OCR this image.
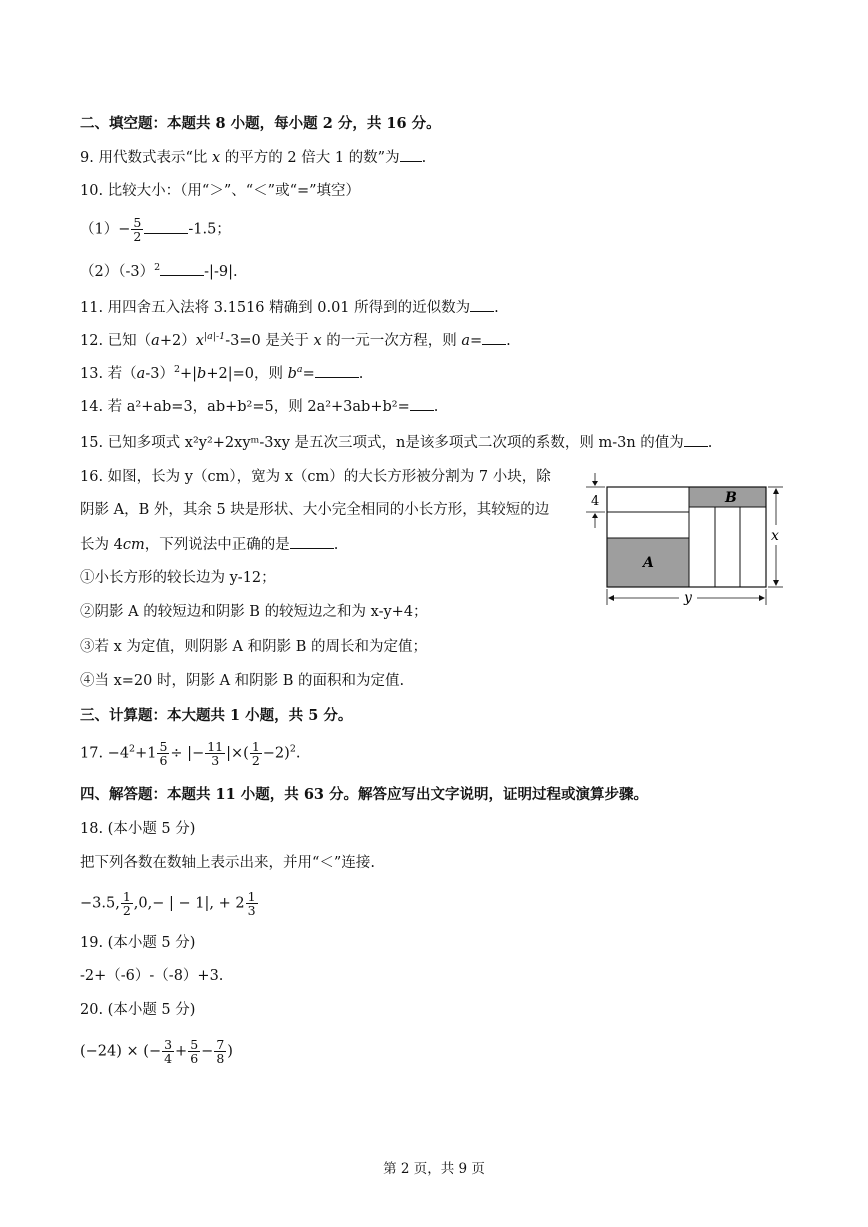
二、填空题：本题共 8 小题，每小题 2 分，共 16 分。
9. 用代数式表示“比 x 的平方的 2 倍大 1 的数”为 .
10. 比较大小：（用“＞”、“＜”或“=”填空）
$(1)- \frac{5}{2}$	-1.5；
$(2)(-3)^2$	-|-9|.
11. 用四舍五入法将 3.1516 精确到 0.01 所得到的近似数为 .
12. 已知$(a+2)x^{|a|-1}-3=0$ 是关于 x 的一元一次方程，则 a= .
13. 若$(a-3)^2+|b+2|=0$，则 $b^a=$	.
14. 若 a²+ab=3，ab+b²=5，则 2a²+3ab+b²= .
15. 已知多项式 x²y²+2xyᵐ-3xy 是五次三项式，n是该多项式二次项的系数，则 m-3n 的值为 .
16. 如图，长为 y（cm），宽为 x（cm）的大长方形被分割为 7 小块，除
阴影 A，B 外，其余 5 块是形状、大小完全相同的小长方形，其较短的边
长为 4cm，下列说法中正确的是	.
①小长方形的较长边为 y-12；
②阴影 A 的较短边和阴影 B 的较短边之和为 x-y+4；
③若 x 为定值，则阴影 A 和阴影 B 的周长和为定值；
④当 x=20 时，阴影 A 和阴影 B 的面积和为定值.
4
A
B
x
y
三、计算题：本大题共 1 小题，共 5 分。
17. $-4^2+1 \frac{5}{6}$ ÷ |− $\frac{11}{3}$ |×( $\frac{1}{2} -2)^2$.
四、解答题：本题共 11 小题，共 63 分。解答应写出文字说明，证明过程或演算步骤。
18. (本小题 5 分)
把下列各数在数轴上表示出来，并用“＜”连接.
−3.5, $\frac{1}{2} ,0,-$ | − 1|, + $2 \frac{1}{3}$
19. (本小题 5 分)
-2+（-6）-（-8）+3.
20. (本小题 5 分)
(−24) × (− $\frac{3}{4} + \frac{5}{6} - \frac{7}{8}$ )
第 2 页，共 9 页
